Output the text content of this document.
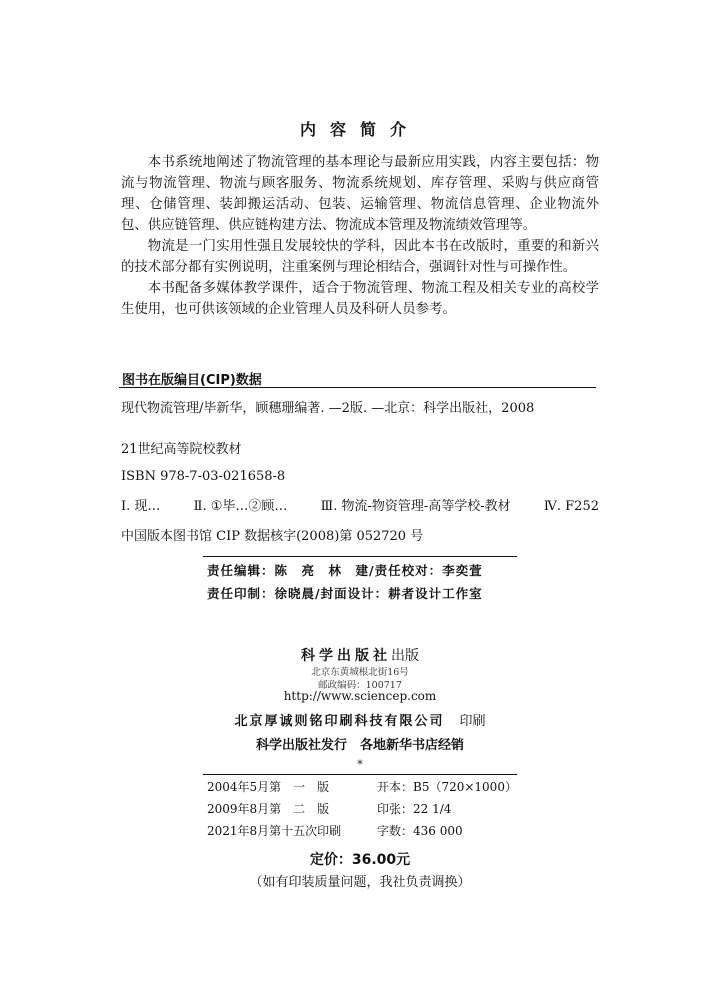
内容简介

本书系统地阐述了物流管理的基本理论与最新应用实践，内容主要包括：物流与物流管理、物流与顾客服务、物流系统规划、库存管理、采购与供应商管理、仓储管理、装卸搬运活动、包装、运输管理、物流信息管理、企业物流外包、供应链管理、供应链构建方法、物流成本管理及物流绩效管理等。

物流是一门实用性强且发展较快的学科，因此本书在改版时，重要的和新兴的技术部分都有实例说明，注重案例与理论相结合，强调针对性与可操作性。

本书配备多媒体教学课件，适合于物流管理、物流工程及相关专业的高校学生使用，也可供该领域的企业管理人员及科研人员参考。

图书在版编目(CIP)数据
现代物流管理/毕新华，顾穗珊编著. —2版. —北京：科学出版社，2008
21世纪高等院校教材
ISBN 978-7-03-021658-8
Ⅰ. 现…	Ⅱ. ①毕…②顾…	Ⅲ. 物流-物资管理-高等学校-教材	Ⅳ. F252
中国版本图书馆 CIP 数据核字(2008)第 052720 号
责任编辑：陈　亮　林　建/责任校对：李奕萱
责任印制：徐晓晨/封面设计：耕者设计工作室
科学出版社出版
北京东黄城根北街16号
邮政编码：100717
http://www.sciencep.com
北京厚诚则铭印刷科技有限公司　 印刷
科学出版社发行　各地新华书店经销
*
2004年5月第　一　版	开本：B5（720×1000）
2009年8月第　二　版	印张：22 1/4
2021年8月第十五次印刷	字数：436 000
定价：36.00元
（如有印装质量问题，我社负责调换）
